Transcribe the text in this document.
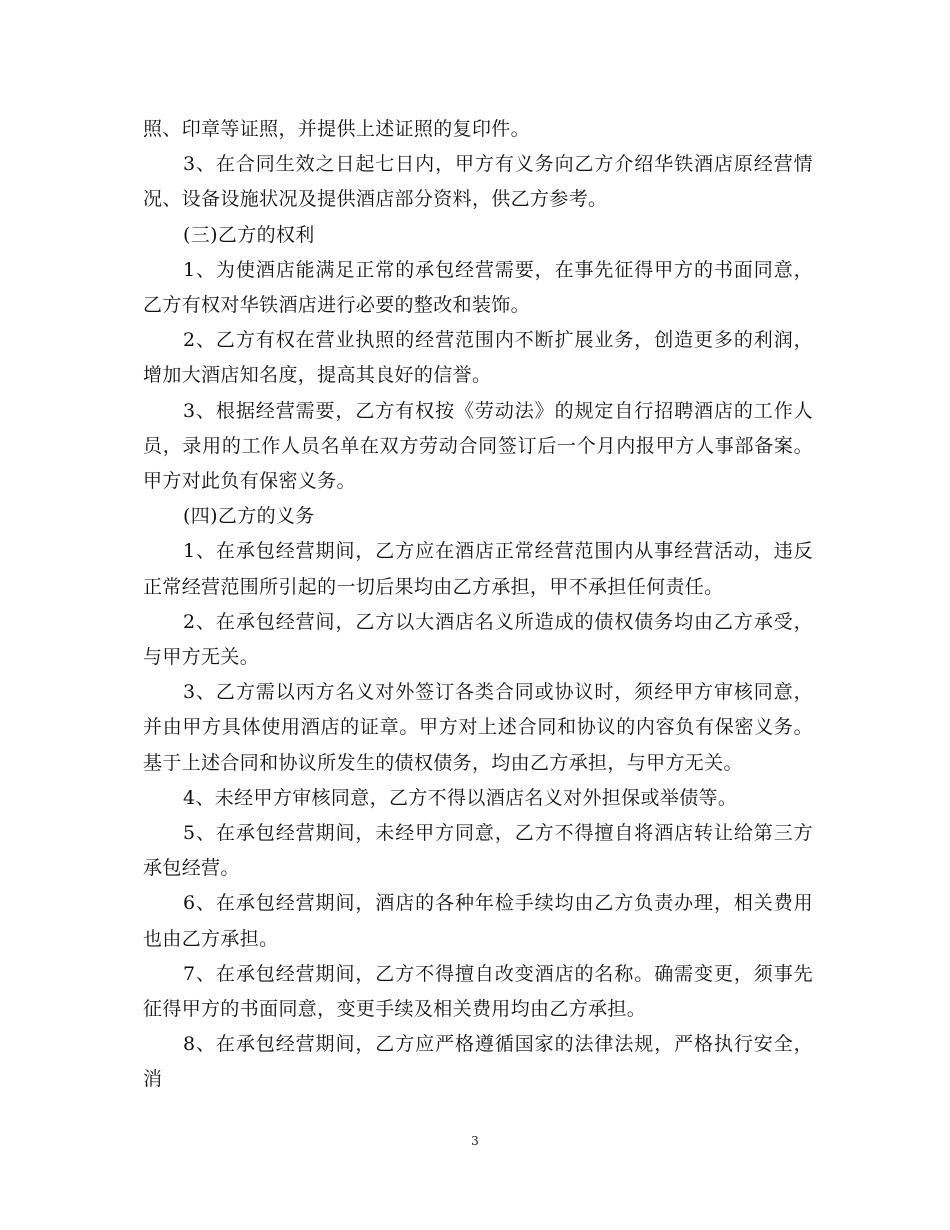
照、印章等证照，并提供上述证照的复印件。

3、在合同生效之日起七日内，甲方有义务向乙方介绍华铁酒店原经营情况、设备设施状况及提供酒店部分资料，供乙方参考。

(三)乙方的权利

1、为使酒店能满足正常的承包经营需要，在事先征得甲方的书面同意，乙方有权对华铁酒店进行必要的整改和装饰。

2、乙方有权在营业执照的经营范围内不断扩展业务，创造更多的利润，增加大酒店知名度，提高其良好的信誉。

3、根据经营需要，乙方有权按《劳动法》的规定自行招聘酒店的工作人员，录用的工作人员名单在双方劳动合同签订后一个月内报甲方人事部备案。甲方对此负有保密义务。

(四)乙方的义务

1、在承包经营期间，乙方应在酒店正常经营范围内从事经营活动，违反正常经营范围所引起的一切后果均由乙方承担，甲不承担任何责任。

2、在承包经营间，乙方以大酒店名义所造成的债权债务均由乙方承受，与甲方无关。

3、乙方需以丙方名义对外签订各类合同或协议时，须经甲方审核同意，并由甲方具体使用酒店的证章。甲方对上述合同和协议的内容负有保密义务。基于上述合同和协议所发生的债权债务，均由乙方承担，与甲方无关。

4、未经甲方审核同意，乙方不得以酒店名义对外担保或举债等。

5、在承包经营期间，未经甲方同意，乙方不得擅自将酒店转让给第三方承包经营。

6、在承包经营期间，酒店的各种年检手续均由乙方负责办理，相关费用也由乙方承担。

7、在承包经营期间，乙方不得擅自改变酒店的名称。确需变更，须事先征得甲方的书面同意，变更手续及相关费用均由乙方承担。

8、在承包经营期间，乙方应严格遵循国家的法律法规，严格执行安全，消

3
